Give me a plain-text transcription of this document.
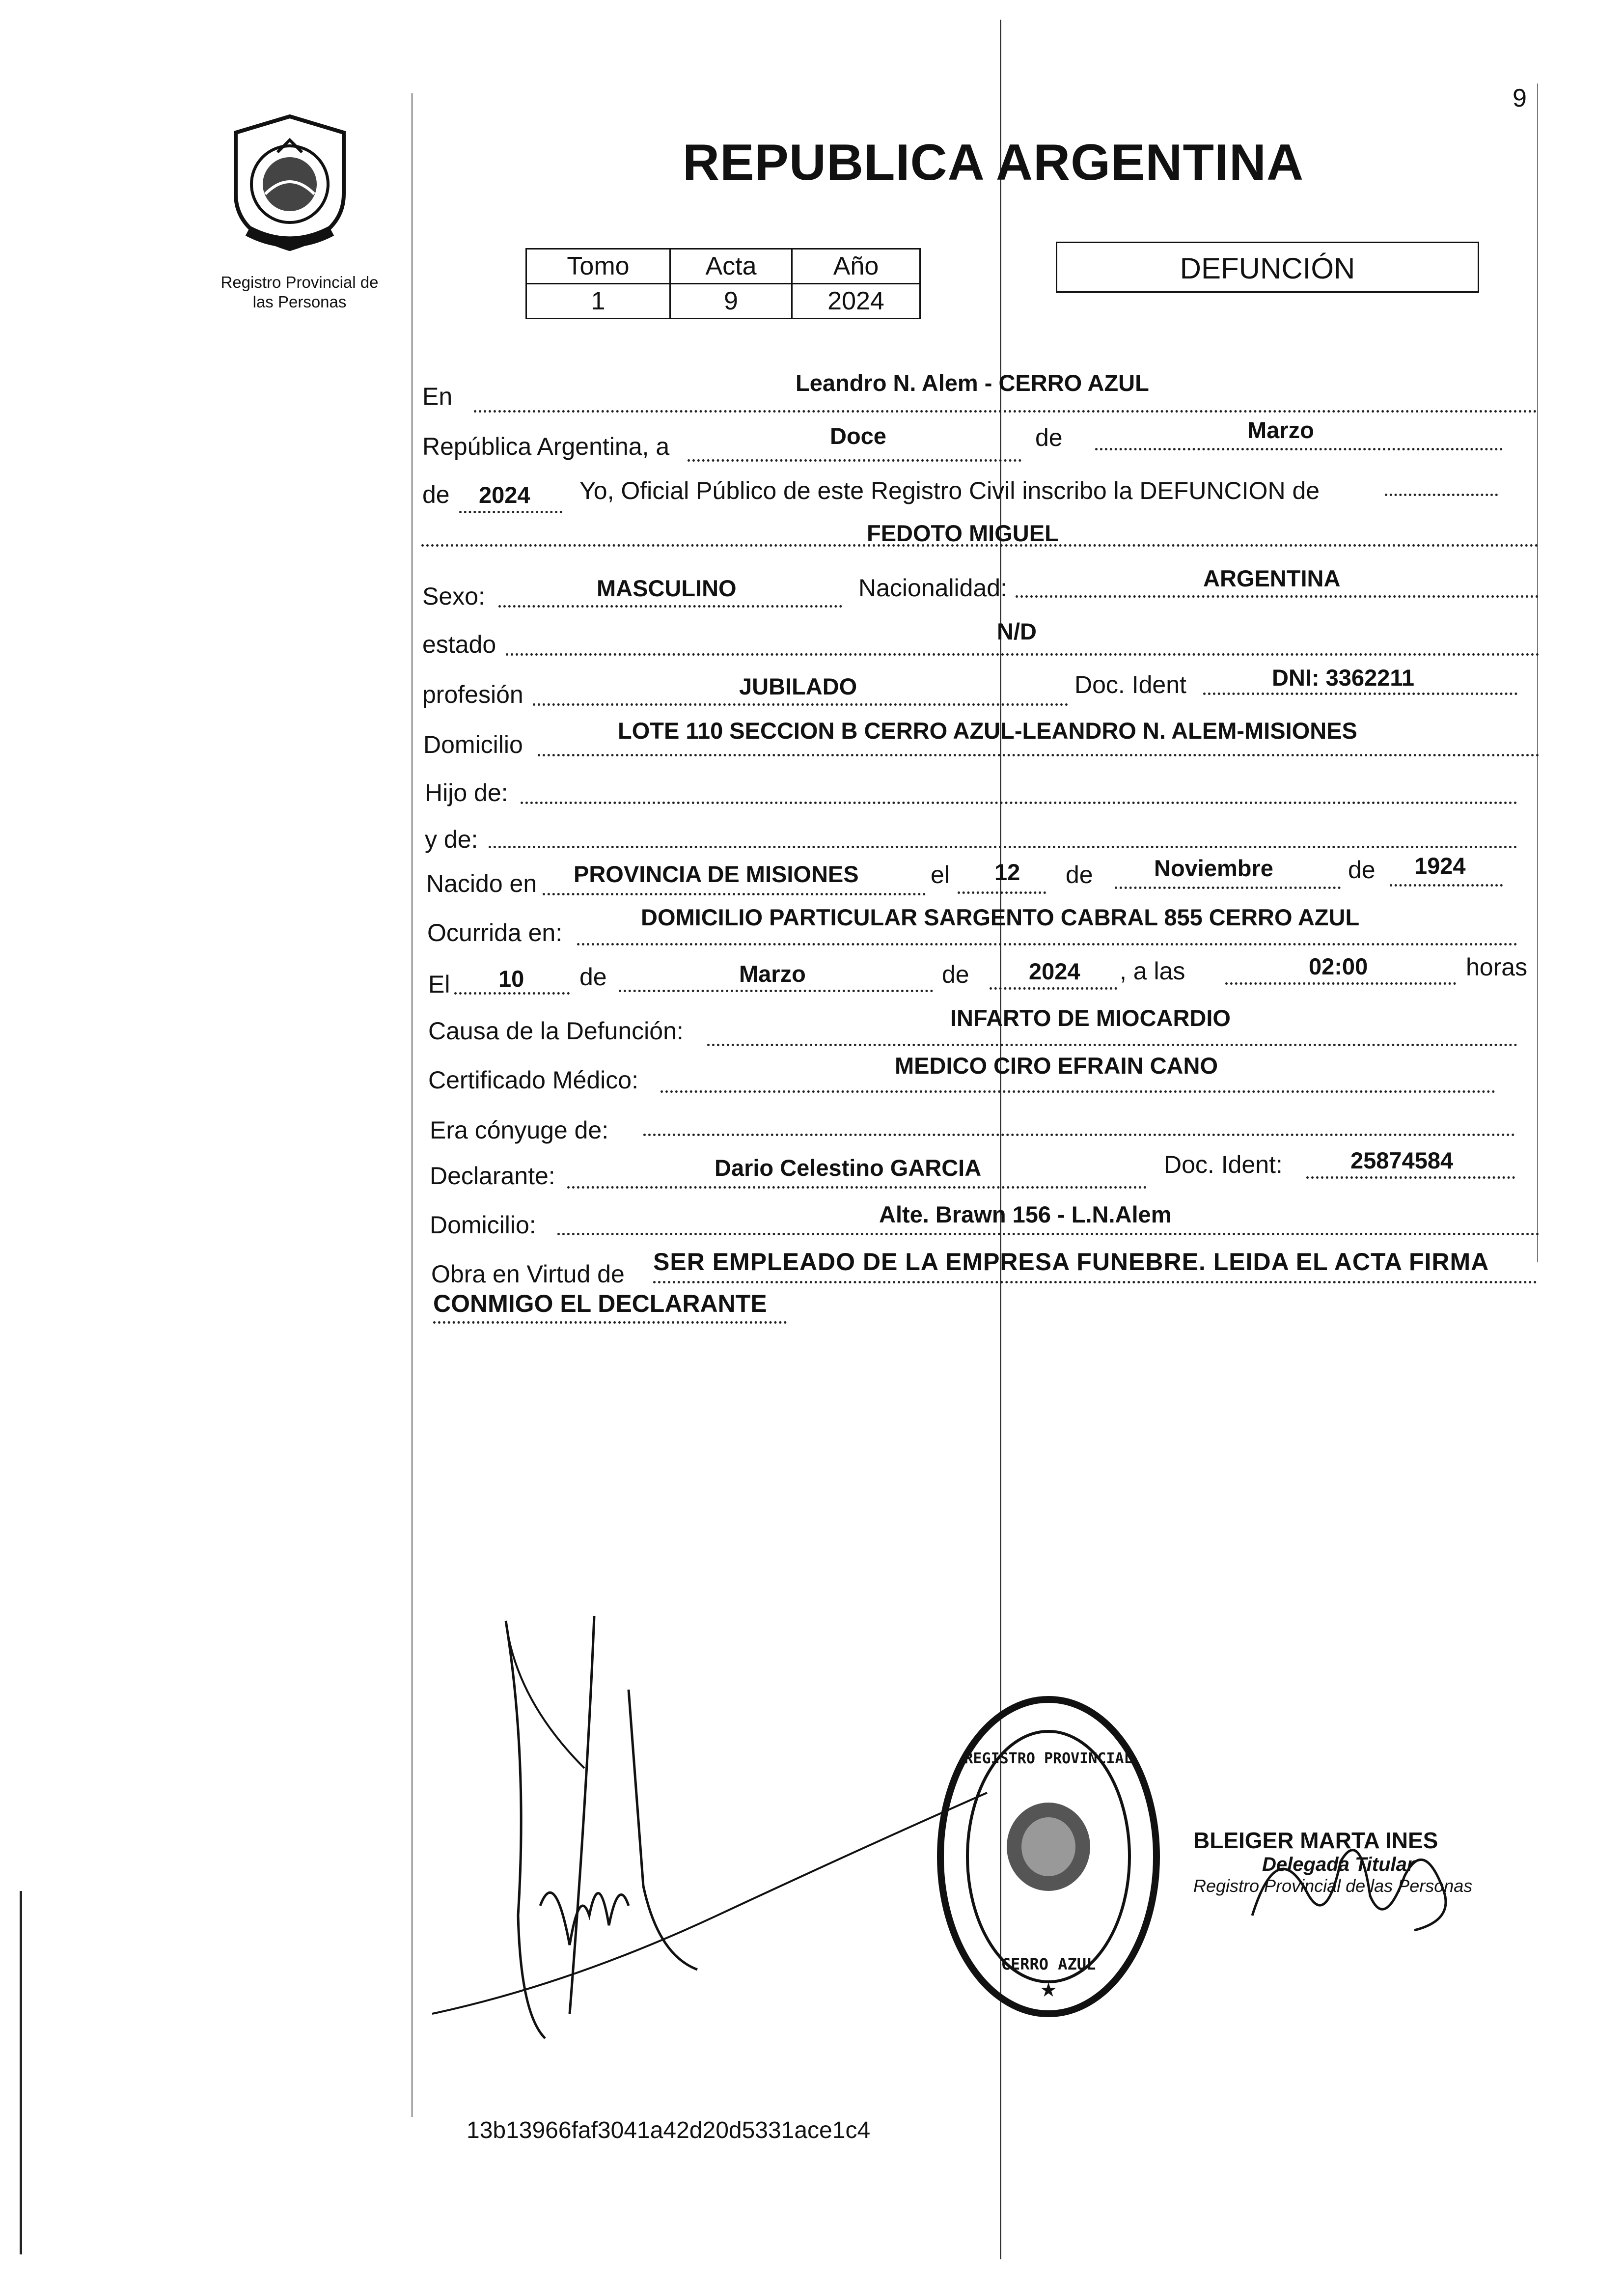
9
Registro Provincial de
las Personas
REPUBLICA ARGENTINA
Tomo	Acta	Año
1	9	2024
DEFUNCIÓN
En	Leandro N. Alem - CERRO AZUL
República Argentina, a	Doce	de	Marzo
de 2024 Yo, Oficial Público de este Registro Civil inscribo la DEFUNCION de
FEDOTO MIGUEL
Sexo:	MASCULINO	Nacionalidad:	ARGENTINA
estado	N/D
profesión	JUBILADO	Doc. Ident	DNI: 3362211
Domicilio
LOTE 110 SECCION B CERRO AZUL-LEANDRO N. ALEM-MISIONES
Hijo de:
y de:
Nacido en PROVINCIA DE MISIONES	el 12 de	Noviembre	de 1924
Ocurrida en:
DOMICILIO PARTICULAR SARGENTO CABRAL 855 CERRO AZUL
El 10 de	Marzo	de	2024 , a las	02:00	horas
Causa de la Defunción:	INFARTO DE MIOCARDIO
Certificado Médico:
MEDICO CIRO EFRAIN CANO
Era cónyuge de:
Declarante:	Dario Celestino GARCIA	Doc. Ident:	25874584
Domicilio:	Alte. Brawn 156 - L.N.Alem
Obra en Virtud de SER EMPLEADO DE LA EMPRESA FUNEBRE. LEIDA EL ACTA FIRMA
CONMIGO EL DECLARANTE
REGISTRO PROVINCIAL
CERRO AZUL
★
BLEIGER MARTA INES
Delegada Titular
Registro Provincial de las Personas
13b13966faf3041a42d20d5331ace1c4
